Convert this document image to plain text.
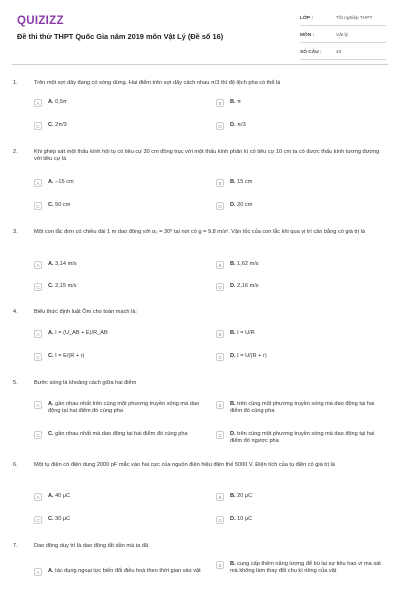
QUIZIZZ
Đề thi thử THPT Quốc Gia năm 2019 môn Vật Lý (Đề số 16)
LỚP :	Tốt nghiệp THPT
MÔN :	Vật lý
SỐ CÂU :	40
1.	Trên một sợi dây đang có sóng dừng. Hai điểm trên sợi dây cách nhau π/3 thì độ lệch pha có thể là
A	A. 0,5π	B	B. π
C	C. 2π/3	D	D. π/3
2.	Khi ghép sát một thấu kính hội tụ có tiêu cự 30 cm đồng trục với một thấu kính phân kì có tiêu cự 10 cm ta có được thấu kính tương đương với tiêu cự là
A	A. −15 cm	B	B. 15 cm
C	C. 50 cm	D	D. 20 cm
3.	Một con lắc đơn có chiều dài 1 m dao động với α₀ = 30⁰ tại nơi có g = 9,8 m/s². Vận tốc của con lắc khi qua vị trí cân bằng có giá trị là
A	A. 3,14 m/s	B	B. 1,62 m/s
C	C. 2,15 m/s	D	D. 2,16 m/s
4.	Biểu thức định luật Ôm cho toàn mạch là:
A	A. I = (U_AB + E)/R_AB	B	B. I = U/R
C	C. I = E/(R + r)	D	D. I = U/(R + r)
5.	Bước sóng là khoảng cách giữa hai điểm
A	A. gần nhau nhất trên cùng một phương truyền sóng mà dao động tại hai điểm đó cùng pha
B	B. trên cùng một phương truyền sóng mà dao động tại hai điểm đó cùng pha
C	C. gần nhau nhất mà dao động tại hai điểm đó cùng pha	D	D. trên cùng một phương truyền sóng mà dao động tại hai điểm đó ngược pha
6.	Một tụ điện có điện dung 2000 pF mắc vào hai cực của nguồn điện hiệu điện thế 5000 V. Điện tích của tụ điện có giá trị là
A	A. 40 μC	B	B. 20 μC
C	C. 30 μC	D	D. 10 μC
7.	Dao động duy trì là dao động tắt dần mà ta đã
A	A. tác dụng ngoại lực biến đổi điều hoà theo thời gian vào vật
B	B. cung cấp thêm năng lượng để bù lại sự tiêu hao vì ma sát mà không làm thay đổi chu kì riêng của vật
